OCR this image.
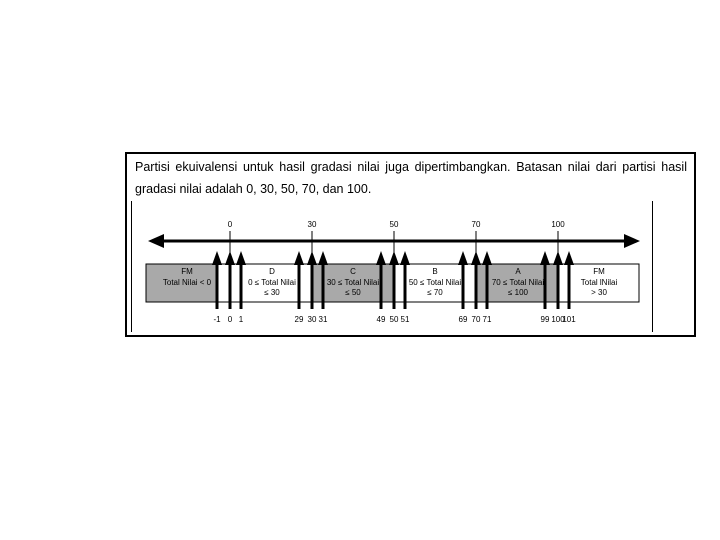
Partisi ekuivalensi untuk hasil gradasi nilai juga dipertimbangkan. Batasan nilai dari partisi hasil gradasi nilai adalah 0, 30, 50, 70, dan 100.
FM
Total Nilai < 0
D
0 ≤ Total Nilai
≤ 30
C
30 ≤ Total Nilai
≤ 50
B
50 ≤ Total Nilai
≤ 70
A
70 ≤ Total Nilai
≤ 100
FM
Total lNilai
> 30
0	30	50	70	100
-1 0 1	29 30 31	49 50 51	69 70 71	99 100
101
